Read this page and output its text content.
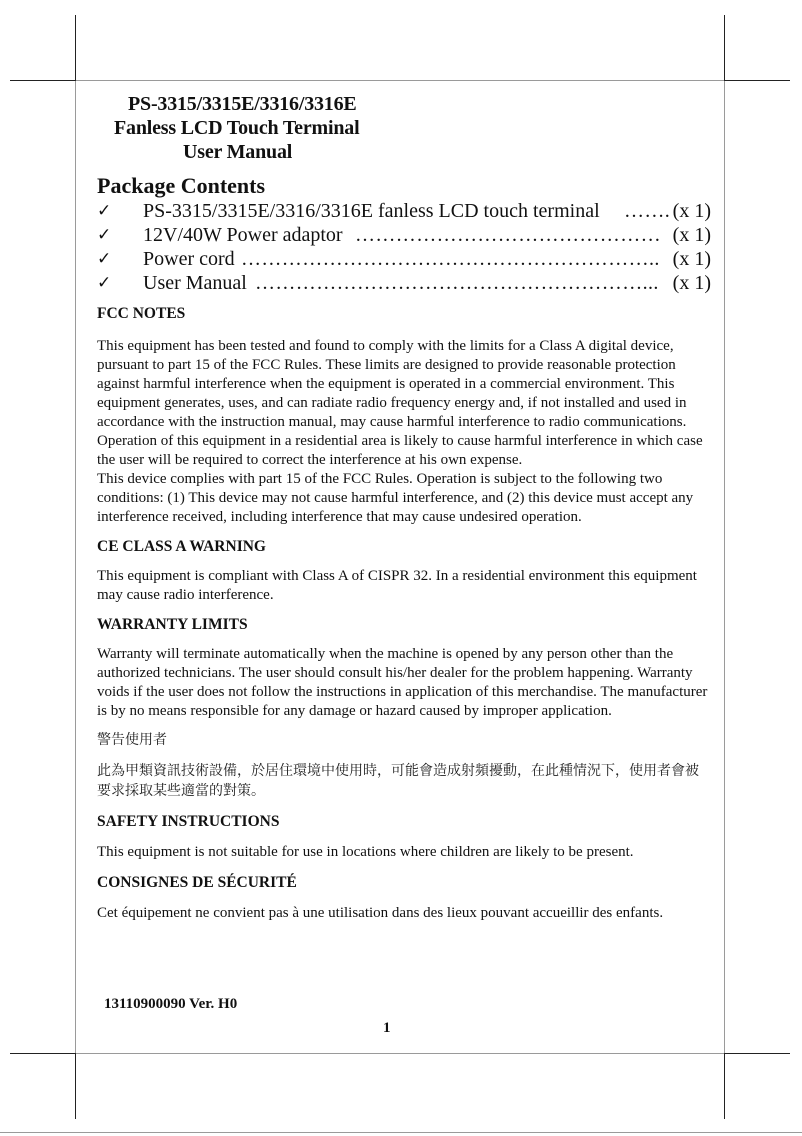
PS-3315/3315E/3316/3316E
Fanless LCD Touch Terminal
User Manual
Package Contents
✓ PS-3315/3315E/3316/3316E fanless LCD touch terminal ……. (x 1)
✓ 12V/40W Power adaptor ……………………………………… (x 1)
✓ Power cord …………………………………………………….. (x 1)
✓ User Manual …………………………………………………... (x 1)

FCC NOTES

This equipment has been tested and found to comply with the limits for a Class A digital device, pursuant to part 15 of the FCC Rules. These limits are designed to provide reasonable protection against harmful interference when the equipment is operated in a commercial environment. This equipment generates, uses, and can radiate radio frequency energy and, if not installed and used in accordance with the instruction manual, may cause harmful interference to radio communications. Operation of this equipment in a residential area is likely to cause harmful interference in which case the user will be required to correct the interference at his own expense.

This device complies with part 15 of the FCC Rules. Operation is subject to the following two conditions: (1) This device may not cause harmful interference, and (2) this device must accept any interference received, including interference that may cause undesired operation.

CE CLASS A WARNING

This equipment is compliant with Class A of CISPR 32. In a residential environment this equipment may cause radio interference.

WARRANTY LIMITS

Warranty will terminate automatically when the machine is opened by any person other than the authorized technicians. The user should consult his/her dealer for the problem happening. Warranty voids if the user does not follow the instructions in application of this merchandise. The manufacturer is by no means responsible for any damage or hazard caused by improper application.

警告使用者

此為甲類資訊技術設備，於居住環境中使用時，可能會造成射頻擾動，在此種情況下，使用者會被要求採取某些適當的對策。

SAFETY INSTRUCTIONS

This equipment is not suitable for use in locations where children are likely to be present.

CONSIGNES DE SÉCURITÉ

Cet équipement ne convient pas à une utilisation dans des lieux pouvant accueillir des enfants.

13110900090 Ver. H0
1
